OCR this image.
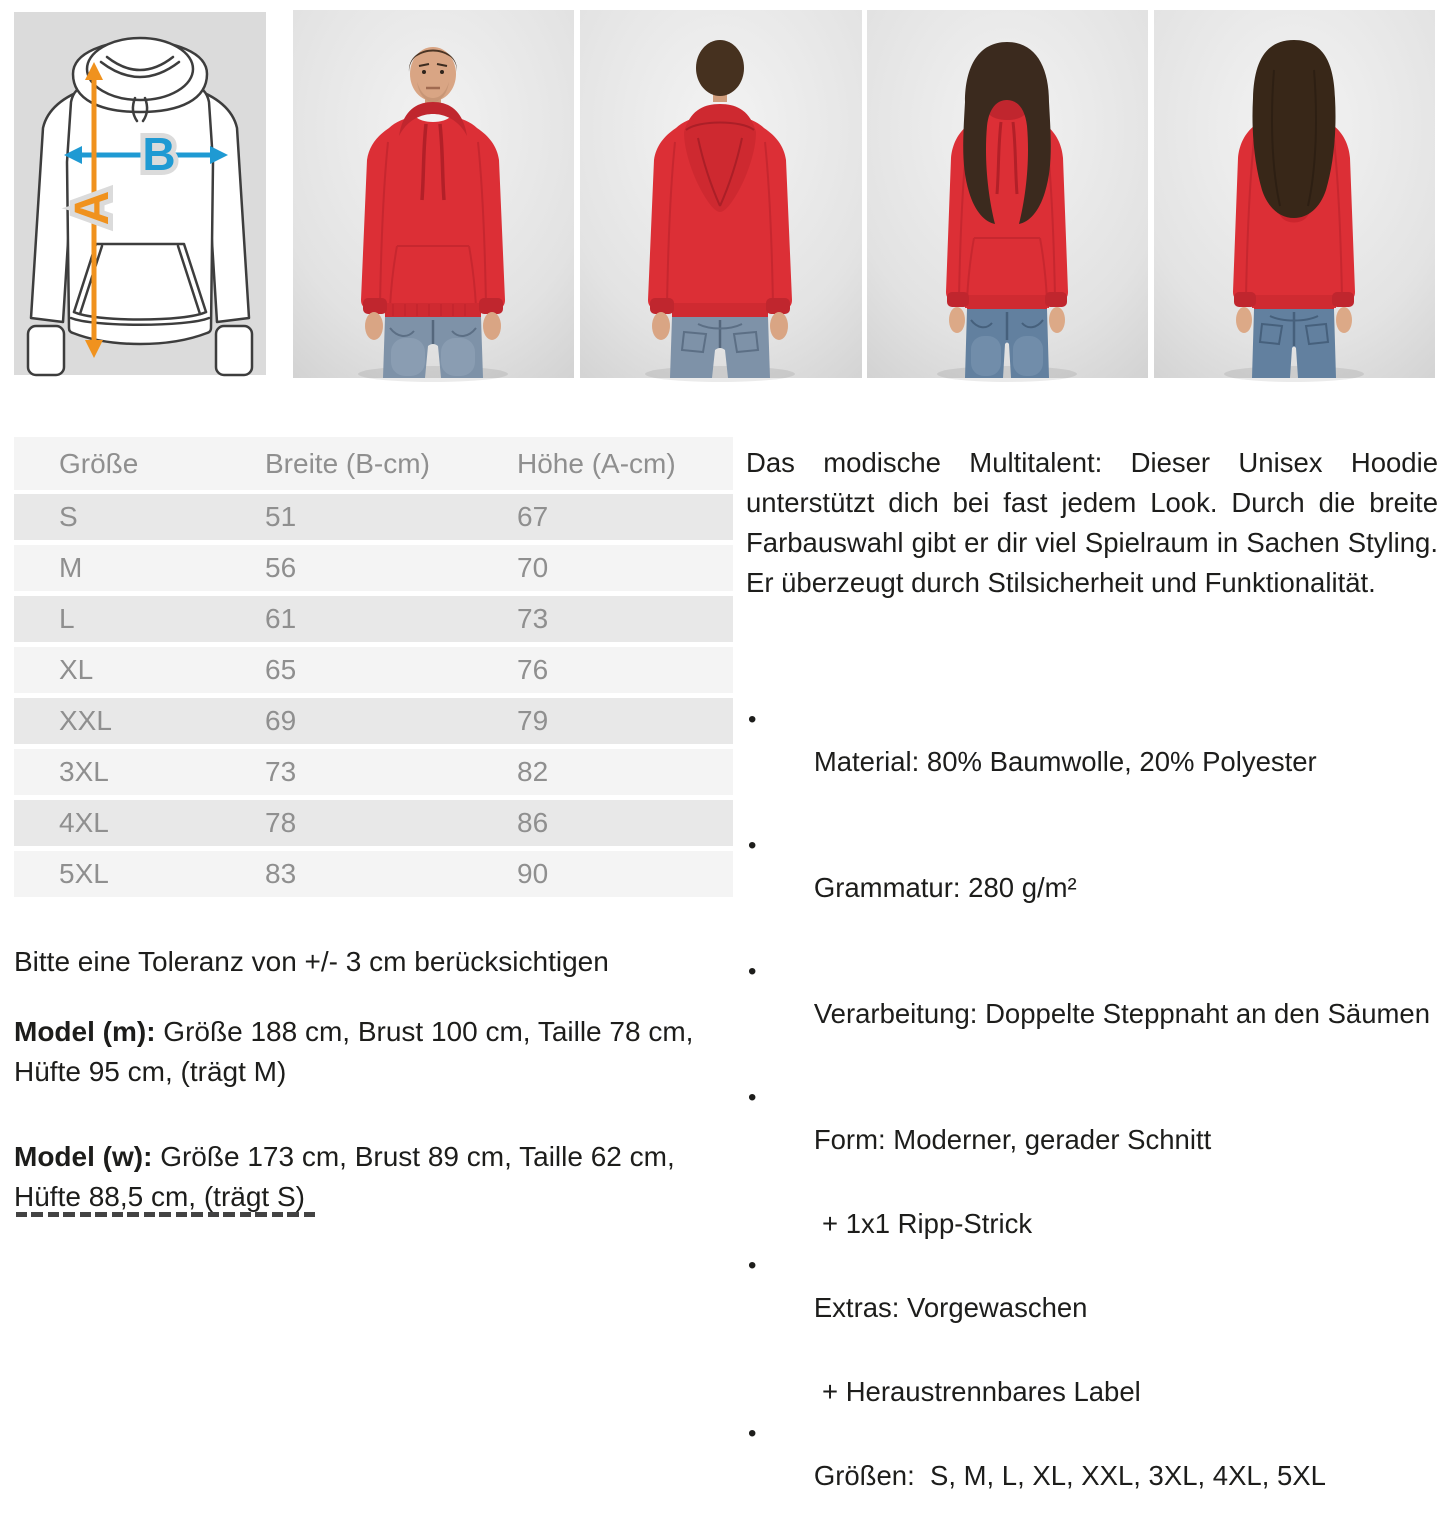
B
A
Größe	Breite (B-cm)	Höhe (A-cm)
S	51	67
M	56	70
L	61	73
XL	65	76
XXL	69	79
3XL	73	82
4XL	78	86
5XL	83	90
Bitte eine Toleranz von +/- 3 cm berücksichtigen
Model (m): Größe 188 cm, Brust 100 cm, Taille 78 cm, Hüfte 95 cm, (trägt M)
Model (w): Größe 173 cm, Brust 89 cm, Taille 62 cm, Hüfte 88,5 cm, (trägt S)
Das modische Multitalent: Dieser Unisex Hoodie unterstützt dich bei fast jedem Look. Durch die breite Farbauswahl gibt er dir viel Spielraum in Sachen Styling. Er überzeugt durch Stilsicherheit und Funktionalität.

•
Material: 80% Baumwolle, 20% Polyester

•
Grammatur: 280 g/m²

•
Verarbeitung: Doppelte Steppnaht an den Säumen

•
Form: Moderner, gerader Schnitt

+ 1x1 Ripp-Strick

•
Extras: Vorgewaschen

+ Heraustrennbares Label

•
Größen:  S, M, L, XL, XXL, 3XL, 4XL, 5XL
